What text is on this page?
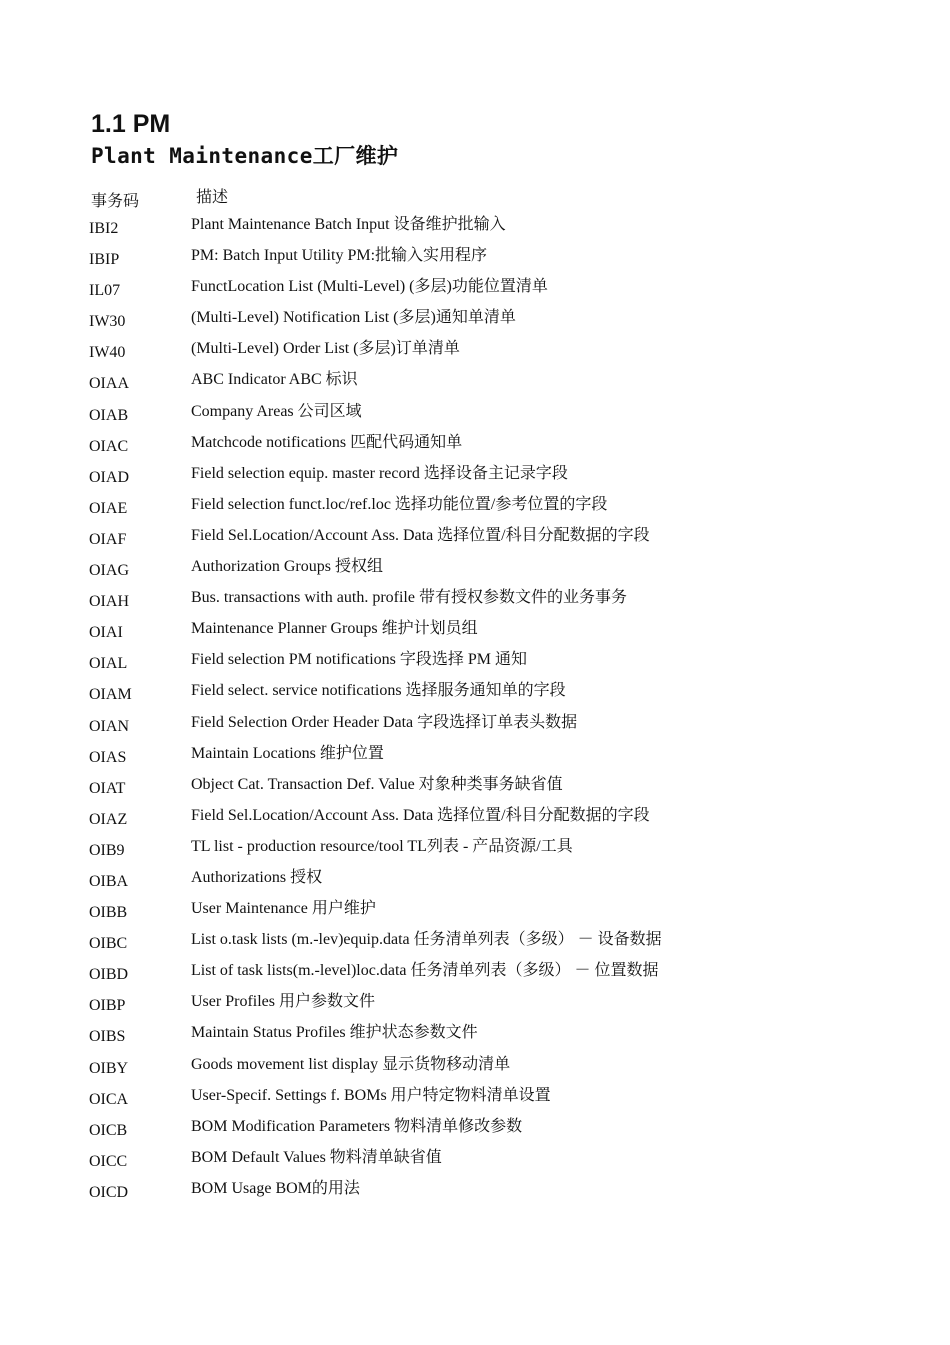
1.1 PM
Plant Maintenance工厂维护
事务码	描述
IBI2	Plant Maintenance Batch Input 设备维护批输入
IBIP	PM: Batch Input Utility PM:批输入实用程序
IL07	FunctLocation List (Multi-Level) (多层)功能位置清单
IW30	(Multi-Level) Notification List (多层)通知单清单
IW40	(Multi-Level) Order List (多层)订单清单
OIAA	ABC Indicator ABC 标识
OIAB	Company Areas 公司区域
OIAC	Matchcode notifications 匹配代码通知单
OIAD	Field selection equip. master record 选择设备主记录字段
OIAE	Field selection funct.loc/ref.loc 选择功能位置/参考位置的字段
OIAF	Field Sel.Location/Account Ass. Data 选择位置/科目分配数据的字段
OIAG	Authorization Groups 授权组
OIAH	Bus. transactions with auth. profile 带有授权参数文件的业务事务
OIAI	Maintenance Planner Groups 维护计划员组
OIAL	Field selection PM notifications 字段选择 PM 通知
OIAM	Field select. service notifications 选择服务通知单的字段
OIAN	Field Selection Order Header Data 字段选择订单表头数据
OIAS	Maintain Locations 维护位置
OIAT	Object Cat. Transaction Def. Value 对象种类事务缺省值
OIAZ	Field Sel.Location/Account Ass. Data 选择位置/科目分配数据的字段
OIB9	TL list - production resource/tool TL列表 - 产品资源/工具
OIBA	Authorizations 授权
OIBB	User Maintenance 用户维护
OIBC	List o.task lists (m.-lev)equip.data 任务清单列表（多级） － 设备数据
OIBD	List of task lists(m.-level)loc.data 任务清单列表（多级） － 位置数据
OIBP	User Profiles 用户参数文件
OIBS	Maintain Status Profiles 维护状态参数文件
OIBY	Goods movement list display 显示货物移动清单
OICA	User-Specif. Settings f. BOMs 用户特定物料清单设置
OICB	BOM Modification Parameters 物料清单修改参数
OICC	BOM Default Values 物料清单缺省值
OICD	BOM Usage BOM的用法
